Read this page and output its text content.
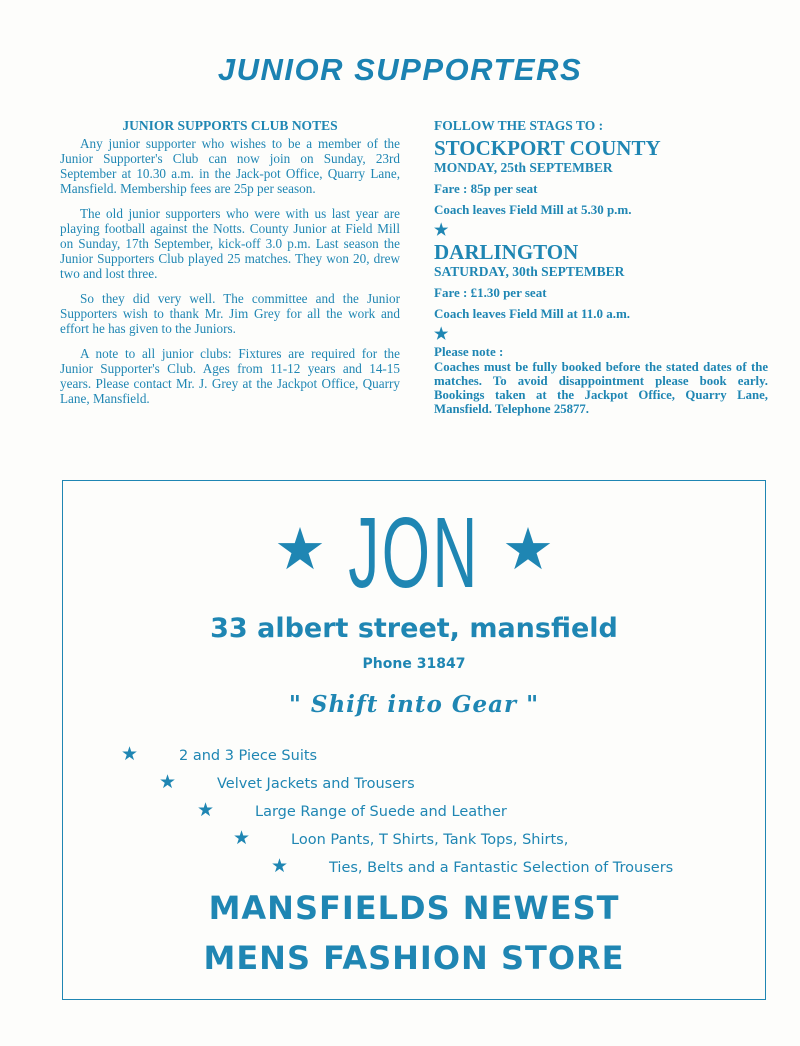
JUNIOR SUPPORTERS
JUNIOR SUPPORTS CLUB NOTES

Any junior supporter who wishes to be a member of the Junior Supporter's Club can now join on Sunday, 23rd September at 10.30 a.m. in the Jack-pot Office, Quarry Lane, Mansfield. Membership fees are 25p per season.

The old junior supporters who were with us last year are playing football against the Notts. County Junior at Field Mill on Sunday, 17th September, kick-off 3.0 p.m. Last season the Junior Supporters Club played 25 matches. They won 20, drew two and lost three.

So they did very well. The committee and the Junior Supporters wish to thank Mr. Jim Grey for all the work and effort he has given to the Juniors.

A note to all junior clubs: Fixtures are required for the Junior Supporter's Club. Ages from 11-12 years and 14-15 years. Please contact Mr. J. Grey at the Jackpot Office, Quarry Lane, Mansfield.

FOLLOW THE STAGS TO :
STOCKPORT COUNTY
MONDAY, 25th SEPTEMBER
Fare : 85p per seat
Coach leaves Field Mill at 5.30 p.m.
★
DARLINGTON
SATURDAY, 30th SEPTEMBER
Fare : £1.30 per seat
Coach leaves Field Mill at 11.0 a.m.
★
Please note :
Coaches must be fully booked before the stated dates of the matches. To avoid disappointment please book early. Bookings taken at the Jackpot Office, Quarry Lane, Mansfield. Telephone 25877.
★ JON ★
33 albert street, mansfield
Phone 31847
" Shift into Gear "
★	2 and 3 Piece Suits
★	Velvet Jackets and Trousers
★	Large Range of Suede and Leather
★	Loon Pants, T Shirts, Tank Tops, Shirts,
★	Ties, Belts and a Fantastic Selection of Trousers
MANSFIELDS NEWEST
MENS FASHION STORE
